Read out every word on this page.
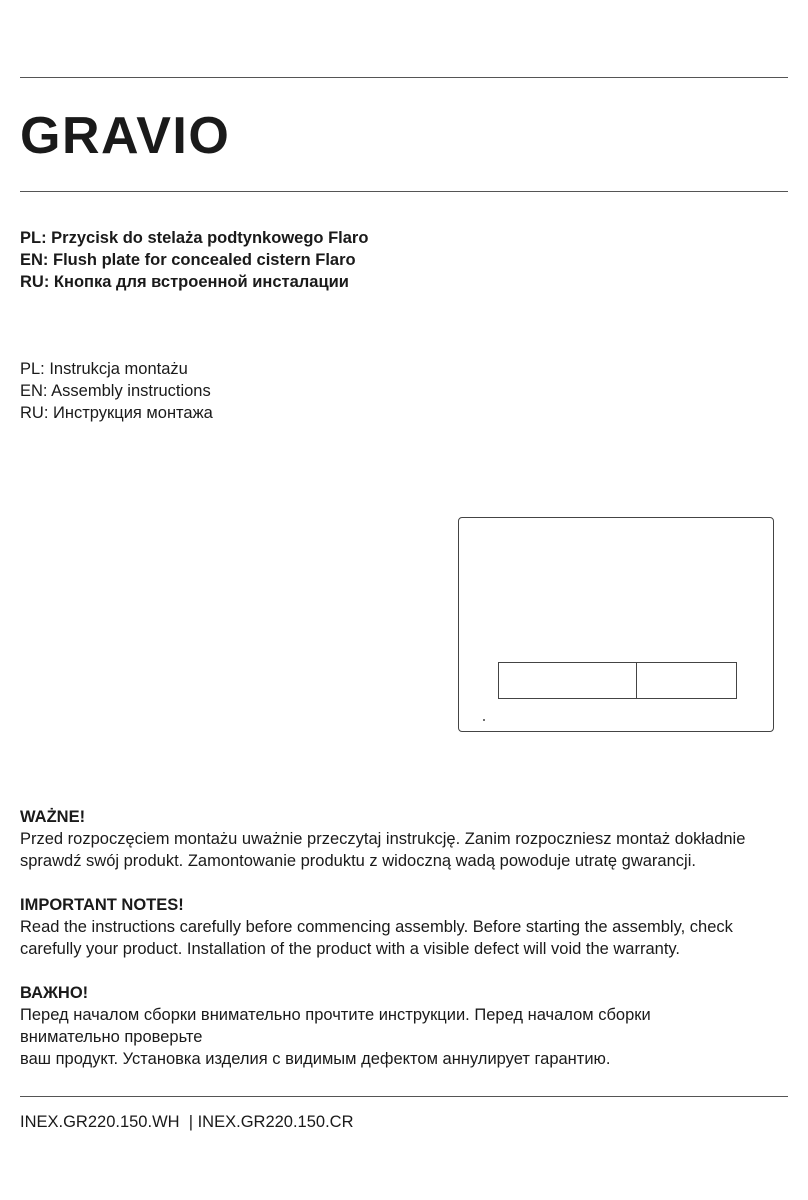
GRAVIO
PL: Przycisk do stelaża podtynkowego Flaro
EN: Flush plate for concealed cistern Flaro
RU: Кнопка для встроенной инсталации
PL: Instrukcja montażu
EN: Assembly instructions
RU: Инструкция монтажа
WAŻNE!
Przed rozpoczęciem montażu uważnie przeczytaj instrukcję. Zanim rozpoczniesz montaż dokładnie
sprawdź swój produkt. Zamontowanie produktu z widoczną wadą powoduje utratę gwarancji.
IMPORTANT NOTES!
Read the instructions carefully before commencing assembly. Before starting the assembly, check
carefully your product. Installation of the product with a visible defect will void the warranty.
ВАЖНО!
Перед началом сборки внимательно прочтите инструкции. Перед началом сборки
внимательно проверьте
ваш продукт. Установка изделия с видимым дефектом аннулирует гарантию.
INEX.GR220.150.WH  | INEX.GR220.150.CR
